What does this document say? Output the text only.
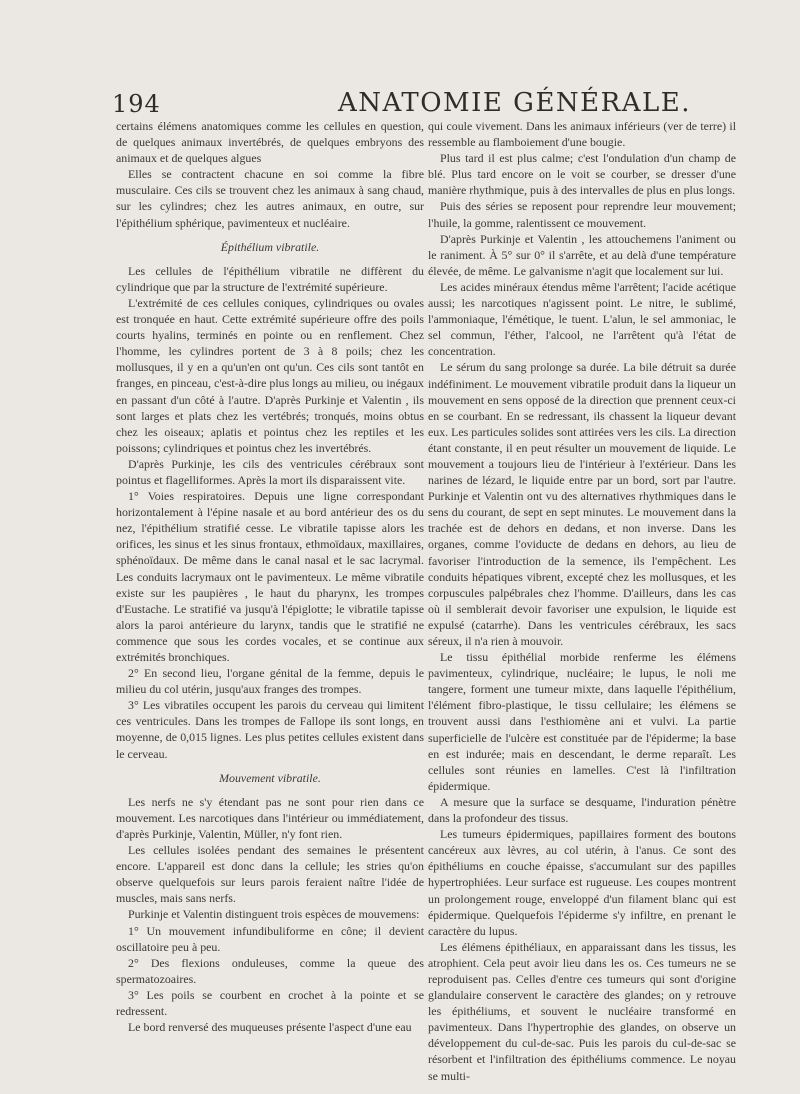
194	ANATOMIE GÉNÉRALE.

certains élémens anatomiques comme les cellules en question, de quelques animaux invertébrés, de quelques embryons des animaux et de quelques algues

Elles se contractent chacune en soi comme la fibre musculaire. Ces cils se trouvent chez les animaux à sang chaud, sur les cylindres; chez les autres animaux, en outre, sur l'épithélium sphérique, pavimenteux et nucléaire.

Épithélium vibratile.

Les cellules de l'épithélium vibratile ne diffèrent du cylindrique que par la structure de l'extrémité supérieure.

L'extrémité de ces cellules coniques, cylindriques ou ovales est tronquée en haut. Cette extrémité supérieure offre des poils courts hyalins, terminés en pointe ou en renflement. Chez l'homme, les cylindres portent de 3 à 8 poils; chez les mollusques, il y en a qu'un'en ont qu'un. Ces cils sont tantôt en franges, en pinceau, c'est-à-dire plus longs au milieu, ou inégaux en passant d'un côté à l'autre. D'après Purkinje et Valentin , ils sont larges et plats chez les vertébrés; tronqués, moins obtus chez les oiseaux; aplatis et pointus chez les reptiles et les poissons; cylindriques et pointus chez les invertébrés.

D'après Purkinje, les cils des ventricules cérébraux sont pointus et flagelliformes. Après la mort ils disparaissent vite.

1° Voies respiratoires. Depuis une ligne correspondant horizontalement à l'épine nasale et au bord antérieur des os du nez, l'épithélium stratifié cesse. Le vibratile tapisse alors les orifices, les sinus et les sinus frontaux, ethmoïdaux, maxillaires, sphénoïdaux. De même dans le canal nasal et le sac lacrymal. Les conduits lacrymaux ont le pavimenteux. Le même vibratile existe sur les paupières , le haut du pharynx, les trompes d'Eustache. Le stratifié va jusqu'à l'épiglotte; le vibratile tapisse alors la paroi antérieure du larynx, tandis que le stratifié ne commence que sous les cordes vocales, et se continue aux extrémités bronchiques.

2° En second lieu, l'organe génital de la femme, depuis le milieu du col utérin, jusqu'aux franges des trompes.

3° Les vibratiles occupent les parois du cerveau qui limitent ces ventricules. Dans les trompes de Fallope ils sont longs, en moyenne, de 0,015 lignes. Les plus petites cellules existent dans le cerveau.

Mouvement vibratile.

Les nerfs ne s'y étendant pas ne sont pour rien dans ce mouvement. Les narcotiques dans l'intérieur ou immédiatement, d'après Purkinje, Valentin, Müller, n'y font rien.

Les cellules isolées pendant des semaines le présentent encore. L'appareil est donc dans la cellule; les stries qu'on observe quelquefois sur leurs parois feraient naître l'idée de muscles, mais sans nerfs.

Purkinje et Valentin distinguent trois espèces de mouvemens:

1° Un mouvement infundibuliforme en cône; il devient oscillatoire peu à peu.

2° Des flexions onduleuses, comme la queue des spermatozoaires.

3° Les poils se courbent en crochet à la pointe et se redressent.

Le bord renversé des muqueuses présente l'aspect d'une eau

qui coule vivement. Dans les animaux inférieurs (ver de terre) il ressemble au flamboiement d'une bougie.

Plus tard il est plus calme; c'est l'ondulation d'un champ de blé. Plus tard encore on le voit se courber, se dresser d'une manière rhythmique, puis à des intervalles de plus en plus longs.

Puis des séries se reposent pour reprendre leur mouvement; l'huile, la gomme, ralentissent ce mouvement.

D'après Purkinje et Valentin , les attouchemens l'animent ou le raniment. À 5° sur 0° il s'arrête, et au delà d'une température élevée, de même. Le galvanisme n'agit que localement sur lui.

Les acides minéraux étendus même l'arrêtent; l'acide acétique aussi; les narcotiques n'agissent point. Le nitre, le sublimé, l'ammoniaque, l'émétique, le tuent. L'alun, le sel ammoniac, le sel commun, l'éther, l'alcool, ne l'arrêtent qu'à l'état de concentration.

Le sérum du sang prolonge sa durée. La bile détruit sa durée indéfiniment. Le mouvement vibratile produit dans la liqueur un mouvement en sens opposé de la direction que prennent ceux-ci en se courbant. En se redressant, ils chassent la liqueur devant eux. Les particules solides sont attirées vers les cils. La direction étant constante, il en peut résulter un mouvement de liquide. Le mouvement a toujours lieu de l'intérieur à l'extérieur. Dans les narines de lézard, le liquide entre par un bord, sort par l'autre. Purkinje et Valentin ont vu des alternatives rhythmiques dans le sens du courant, de sept en sept minutes. Le mouvement dans la trachée est de dehors en dedans, et non inverse. Dans les organes, comme l'oviducte de dedans en dehors, au lieu de favoriser l'introduction de la semence, ils l'empêchent. Les conduits hépatiques vibrent, excepté chez les mollusques, et les corpuscules palpébrales chez l'homme. D'ailleurs, dans les cas où il semblerait devoir favoriser une expulsion, le liquide est expulsé (catarrhe). Dans les ventricules cérébraux, les sacs séreux, il n'a rien à mouvoir.

Le tissu épithélial morbide renferme les élémens pavimenteux, cylindrique, nucléaire; le lupus, le noli me tangere, forment une tumeur mixte, dans laquelle l'épithélium, l'élément fibro-plastique, le tissu cellulaire; les élémens se trouvent aussi dans l'esthiomène ani et vulvi. La partie superficielle de l'ulcère est constituée par de l'épiderme; la base en est indurée; mais en descendant, le derme reparaît. Les cellules sont réunies en lamelles. C'est là l'infiltration épidermique.

A mesure que la surface se desquame, l'induration pénètre dans la profondeur des tissus.

Les tumeurs épidermiques, papillaires forment des boutons cancéreux aux lèvres, au col utérin, à l'anus. Ce sont des épithéliums en couche épaisse, s'accumulant sur des papilles hypertrophiées. Leur surface est rugueuse. Les coupes montrent un prolongement rouge, enveloppé d'un filament blanc qui est épidermique. Quelquefois l'épiderme s'y infiltre, en prenant le caractère du lupus.

Les élémens épithéliaux, en apparaissant dans les tissus, les atrophient. Cela peut avoir lieu dans les os. Ces tumeurs ne se reproduisent pas. Celles d'entre ces tumeurs qui sont d'origine glandulaire conservent le caractère des glandes; on y retrouve les épithéliums, et souvent le nucléaire transformé en pavimenteux. Dans l'hypertrophie des glandes, on observe un développement du cul-de-sac. Puis les parois du cul-de-sac se résorbent et l'infiltration des épithéliums commence. Le noyau se multi-
